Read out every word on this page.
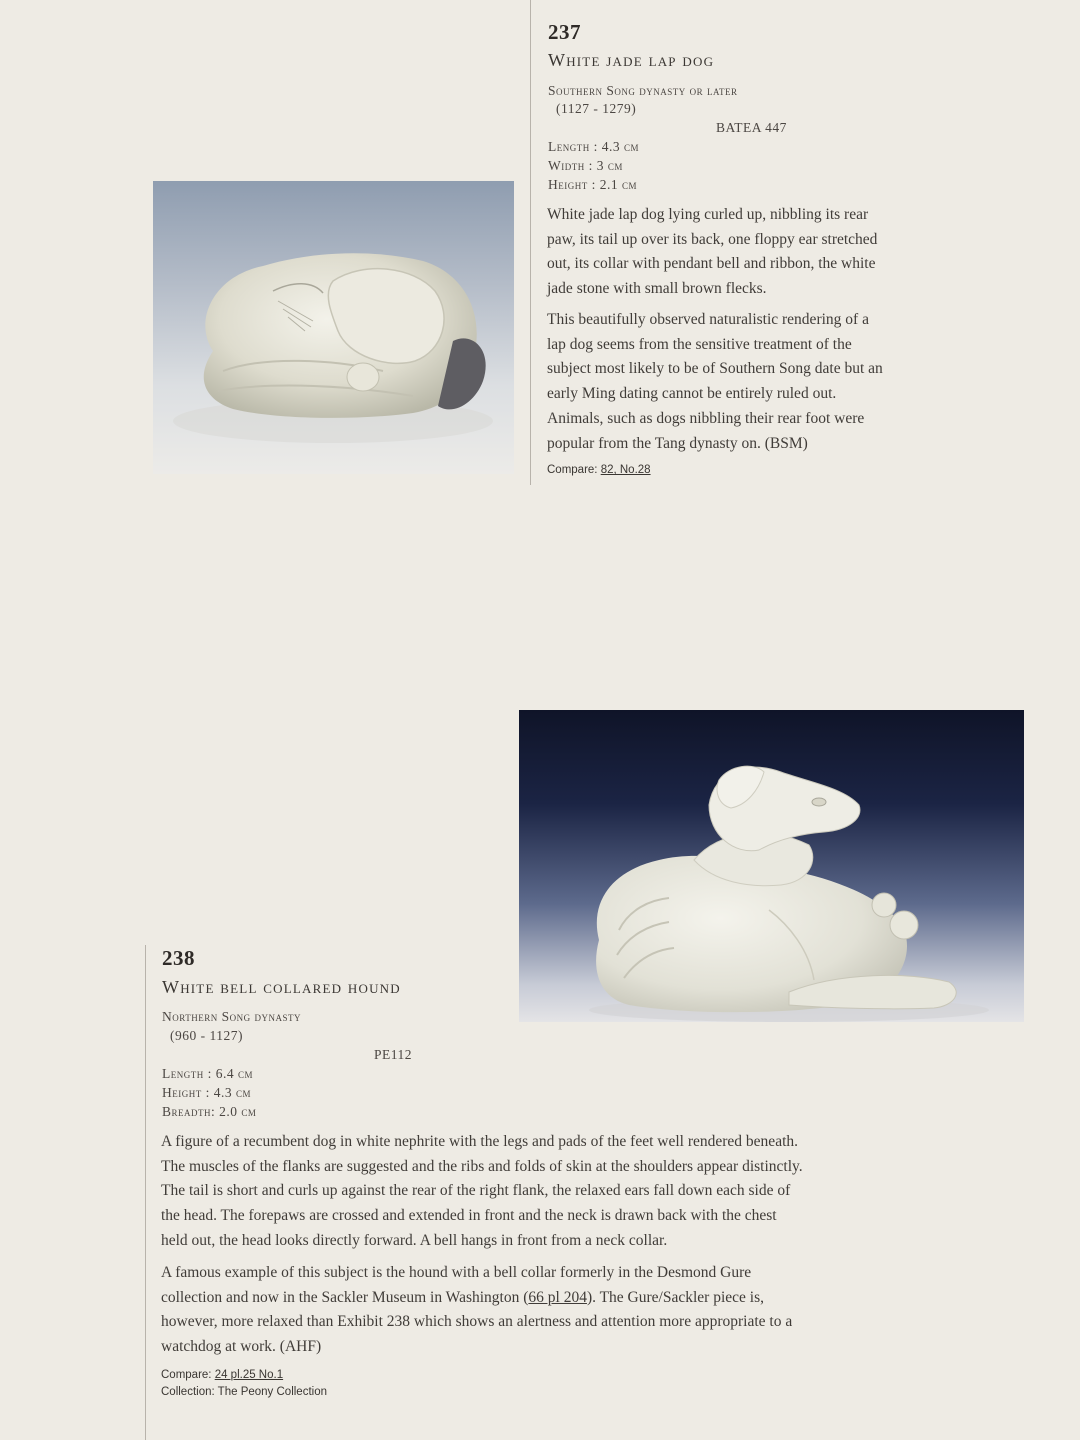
237
White jade lap dog
Southern Song dynasty or later
(1127 - 1279)
BATEA 447
Length : 4.3 cm
Width : 3 cm
Height : 2.1 cm

White jade lap dog lying curled up, nibbling its rear

paw, its tail up over its back, one floppy ear stretched

out, its collar with pendant bell and ribbon, the white

jade stone with small brown flecks.

This beautifully observed naturalistic rendering of a

lap dog seems from the sensitive treatment of the

subject most likely to be of Southern Song date but an

early Ming dating cannot be entirely ruled out.

Animals, such as dogs nibbling their rear foot were

popular from the Tang dynasty on. (BSM)

Compare: 82, No.28
238
White bell collared hound
Northern Song dynasty
(960 - 1127)
PE112
Length : 6.4 cm
Height : 4.3 cm
Breadth: 2.0 cm

A figure of a recumbent dog in white nephrite with the legs and pads of the feet well rendered beneath.

The muscles of the flanks are suggested and the ribs and folds of skin at the shoulders appear distinctly.

The tail is short and curls up against the rear of the right flank, the relaxed ears fall down each side of

the head. The forepaws are crossed and extended in front and the neck is drawn back with the chest

held out, the head looks directly forward. A bell hangs in front from a neck collar.

A famous example of this subject is the hound with a bell collar formerly in the Desmond Gure

collection and now in the Sackler Museum in Washington (66 pl 204). The Gure/Sackler piece is,

however, more relaxed than Exhibit 238 which shows an alertness and attention more appropriate to a

watchdog at work. (AHF)

Compare: 24 pl.25 No.1
Collection: The Peony Collection
